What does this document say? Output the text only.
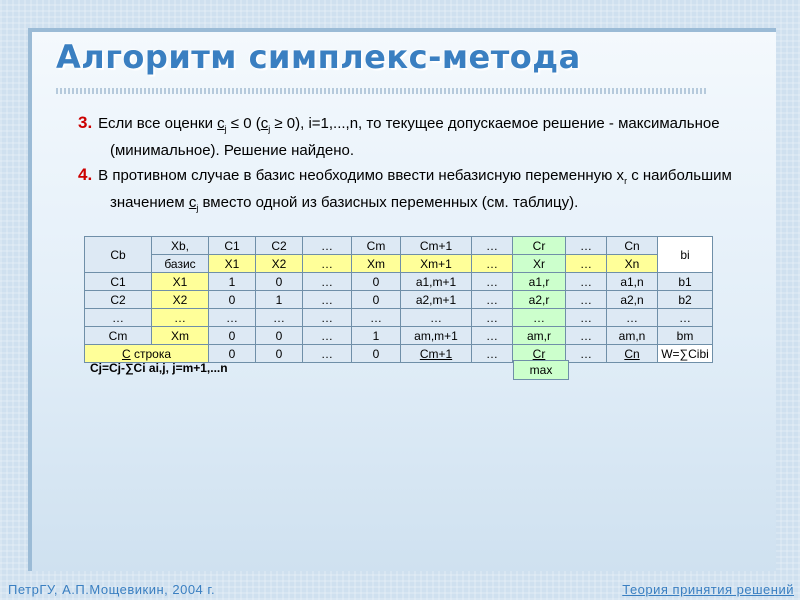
Алгоритм симплекс-метода

3. Если все оценки $c_j \le 0$ $(c_j \ge 0)$, i=1,...,n, то текущее допускаемое решение - максимальное (минимальное). Решение найдено.

4. В противном случае в базис необходимо ввести небазисную переменную $x_r$ с наибольшим значением $c_j$ вместо одной из базисных переменных (см. таблицу).

Cb	Xb,	C1	C2	…	Cm	Cm+1	…	Cr	…	Cn	bi
	базис	X1	X2	…	Xm	Xm+1	…	Xr	…	Xn	
C1	X1	1	0	…	0	a1,m+1	…	a1,r	…	a1,n	b1
C2	X2	0	1	…	0	a2,m+1	…	a2,r	…	a2,n	b2
…	…	…	…	…	…	…	…	…	…	…	…
Cm	Xm	0	0	…	1	am,m+1	…	am,r	…	am,n	bm
C строка		0	0	…	0	Cm+1	…	Cr	…	Cn	W=∑Cibi
Cj=Cj-∑Ci ai,j, j=m+1,...n	max
ПетрГУ, А.П.Мощевикин, 2004 г.	Теория принятия решений
